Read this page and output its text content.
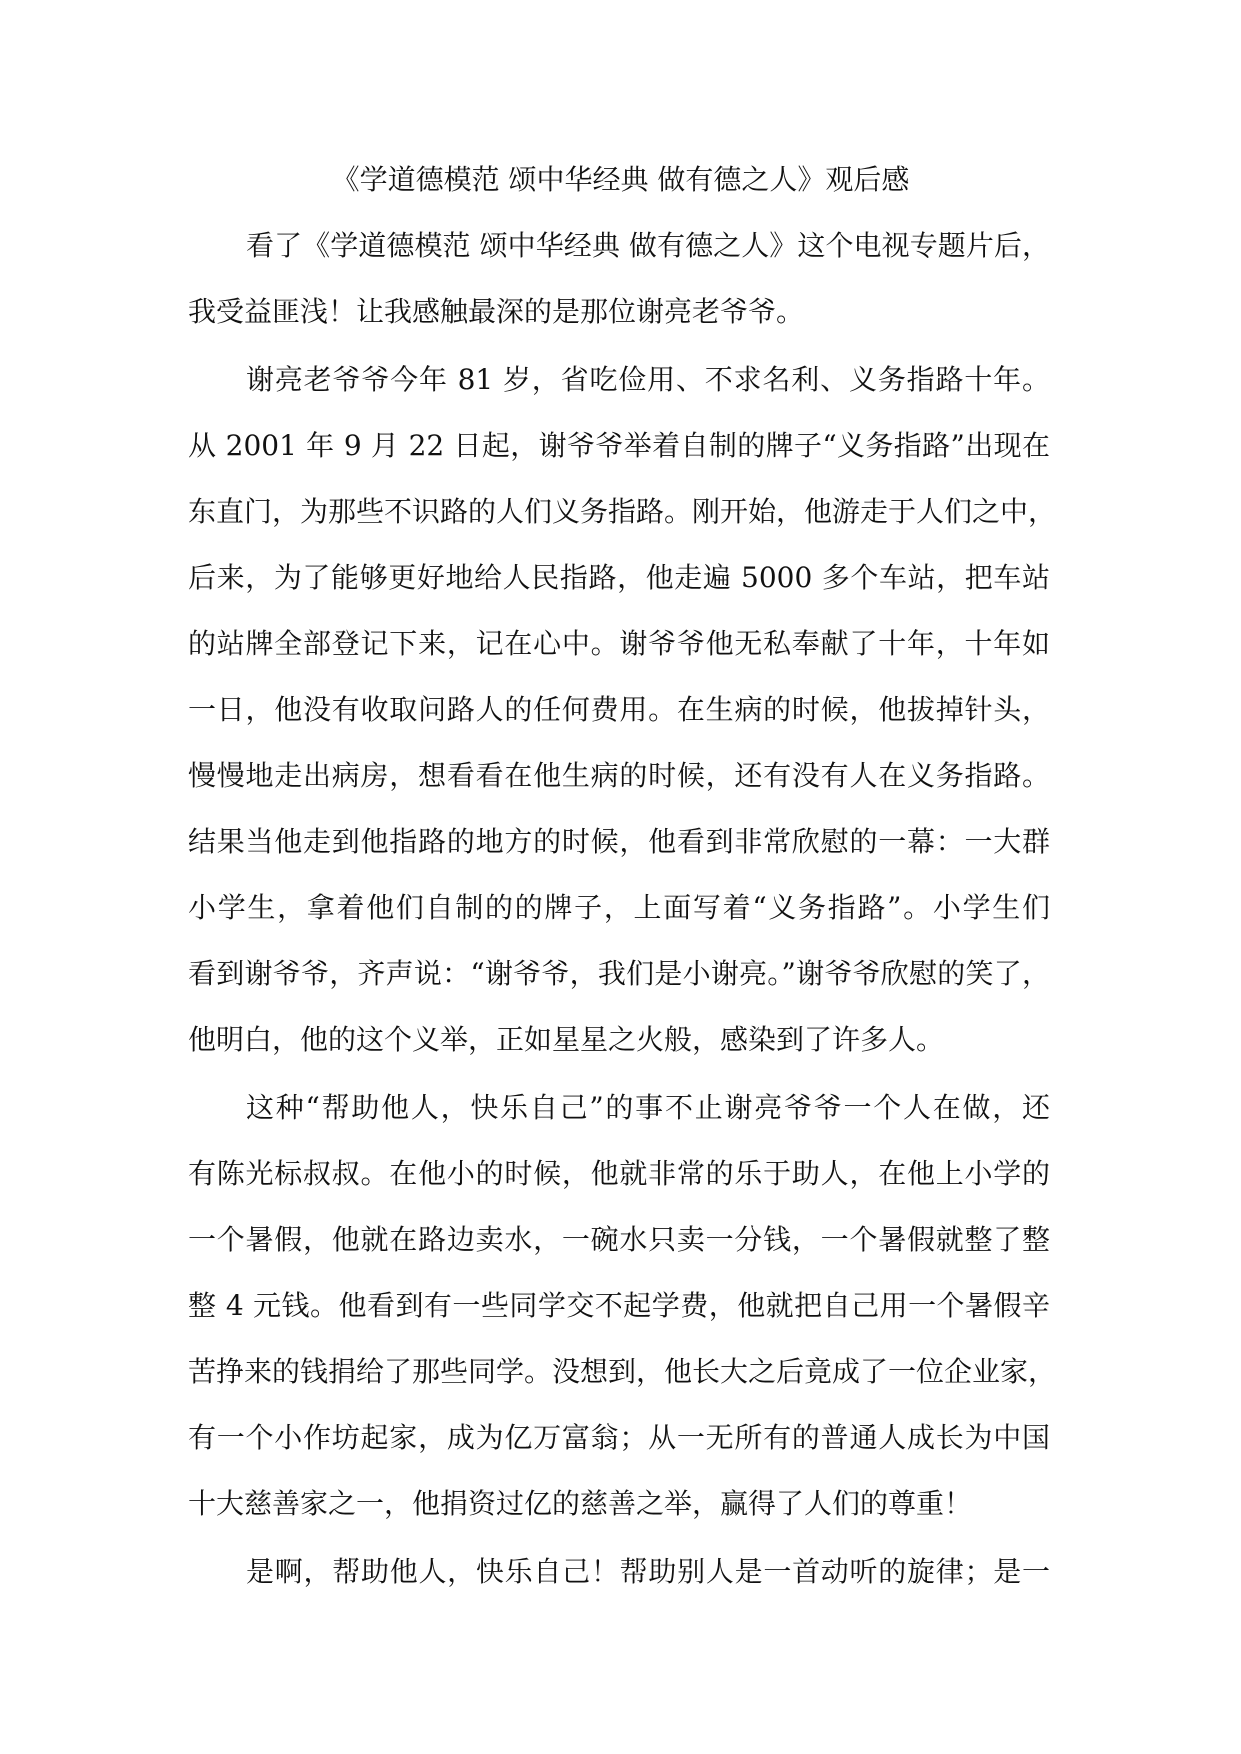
《学道德模范 颂中华经典 做有德之人》观后感

看了《学道德模范 颂中华经典 做有德之人》这个电视专题片后，

我受益匪浅！让我感触最深的是那位谢亮老爷爷。

谢亮老爷爷今年 81 岁，省吃俭用、不求名利、义务指路十年。

从 2001 年 9 月 22 日起，谢爷爷举着自制的牌子“义务指路”出现在

东直门，为那些不识路的人们义务指路。刚开始，他游走于人们之中，

后来，为了能够更好地给人民指路，他走遍 5000 多个车站，把车站

的站牌全部登记下来，记在心中。谢爷爷他无私奉献了十年，十年如

一日，他没有收取问路人的任何费用。在生病的时候，他拔掉针头，

慢慢地走出病房，想看看在他生病的时候，还有没有人在义务指路。

结果当他走到他指路的地方的时候，他看到非常欣慰的一幕：一大群

小学生，拿着他们自制的的牌子，上面写着“义务指路”。小学生们

看到谢爷爷，齐声说：“谢爷爷，我们是小谢亮。”谢爷爷欣慰的笑了，

他明白，他的这个义举，正如星星之火般，感染到了许多人。

这种“帮助他人，快乐自己”的事不止谢亮爷爷一个人在做，还

有陈光标叔叔。在他小的时候，他就非常的乐于助人，在他上小学的

一个暑假，他就在路边卖水，一碗水只卖一分钱，一个暑假就整了整

整 4 元钱。他看到有一些同学交不起学费，他就把自己用一个暑假辛

苦挣来的钱捐给了那些同学。没想到，他长大之后竟成了一位企业家，

有一个小作坊起家，成为亿万富翁；从一无所有的普通人成长为中国

十大慈善家之一，他捐资过亿的慈善之举，赢得了人们的尊重！

是啊，帮助他人，快乐自己！帮助别人是一首动听的旋律；是一
